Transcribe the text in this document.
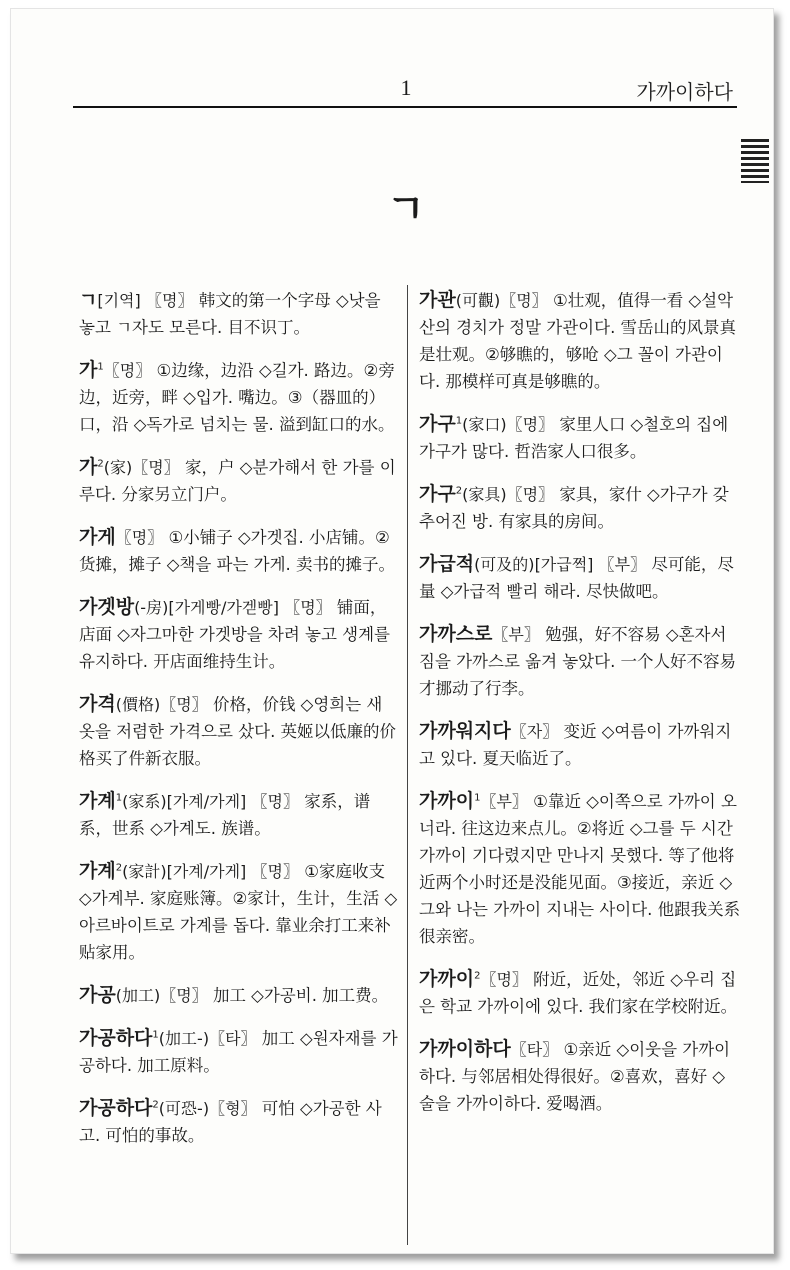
1	가까이하다
ㄱ
ㄱ[기역] 〖명〗 韩文的第一个字母 ◇낫을 놓고 ㄱ자도 모른다. 目不识丁。
가$^1$〖명〗 ①边缘，边沿 ◇길가. 路边。②旁边，近旁，畔 ◇입가. 嘴边。③（器皿的）口，沿 ◇독가로 넘치는 물. 溢到缸口的水。
가$^2$(家)〖명〗 家，户 ◇분가해서 한 가를 이루다. 分家另立门户。
가게〖명〗 ①小铺子 ◇가겟집. 小店铺。②货摊，摊子 ◇책을 파는 가게. 卖书的摊子。
가겟방(-房)[가게빵/가겓빵] 〖명〗 铺面，店面 ◇자그마한 가겟방을 차려 놓고 생계를 유지하다. 开店面维持生计。
가격(價格)〖명〗 价格，价钱 ◇영희는 새 옷을 저렴한 가격으로 샀다. 英姬以低廉的价格买了件新衣服。
가계$^1$(家系)[가계/가게] 〖명〗 家系，谱系，世系 ◇가계도. 族谱。
가계$^2$(家計)[가계/가게] 〖명〗 ①家庭收支 ◇가계부. 家庭账簿。②家计，生计，生活 ◇아르바이트로 가계를 돕다. 靠业余打工来补贴家用。
가공(加工)〖명〗 加工 ◇가공비. 加工费。
가공하다$^1$(加工-)〖타〗 加工 ◇원자재를 가공하다. 加工原料。
가공하다$^2$(可恐-)〖형〗 可怕 ◇가공한 사고. 可怕的事故。
가관(可觀)〖명〗 ①壮观，值得一看 ◇설악산의 경치가 정말 가관이다. 雪岳山的风景真是壮观。②够瞧的，够呛 ◇그 꼴이 가관이다. 那模样可真是够瞧的。
가구$^1$(家口)〖명〗 家里人口 ◇철호의 집에 가구가 많다. 哲浩家人口很多。
가구$^2$(家具)〖명〗 家具，家什 ◇가구가 갖추어진 방. 有家具的房间。
가급적(可及的)[가급쩍] 〖부〗 尽可能，尽量 ◇가급적 빨리 해라. 尽快做吧。
가까스로〖부〗 勉强，好不容易 ◇혼자서 짐을 가까스로 옮겨 놓았다. 一个人好不容易才挪动了行李。
가까워지다〖자〗 变近 ◇여름이 가까워지고 있다. 夏天临近了。
가까이$^1$〖부〗 ①靠近 ◇이쪽으로 가까이 오너라. 往这边来点儿。②将近 ◇그를 두 시간 가까이 기다렸지만 만나지 못했다. 等了他将近两个小时还是没能见面。③接近，亲近 ◇그와 나는 가까이 지내는 사이다. 他跟我关系很亲密。
가까이$^2$〖명〗 附近，近处，邻近 ◇우리 집은 학교 가까이에 있다. 我们家在学校附近。
가까이하다〖타〗 ①亲近 ◇이웃을 가까이하다. 与邻居相处得很好。②喜欢，喜好 ◇술을 가까이하다. 爱喝酒。
